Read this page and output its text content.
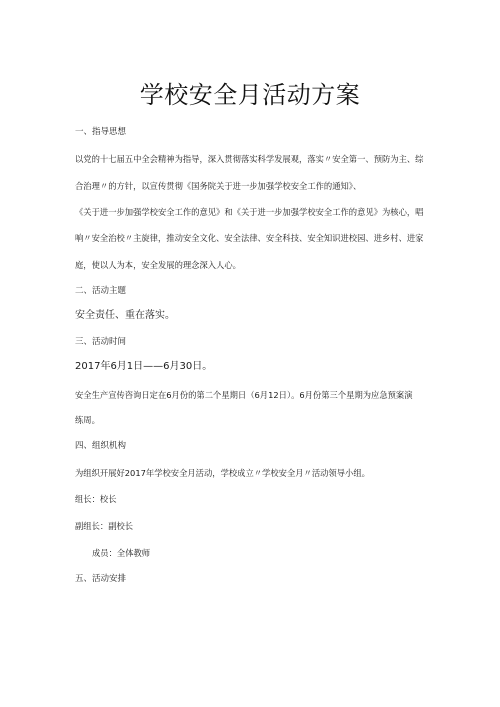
学校安全月活动方案
一、指导思想
以党的十七届五中全会精神为指导，深入贯彻落实科学发展观，落实〃安全第一、预防为主、综
合治理〃的方针，以宣传贯彻《国务院关于进一步加强学校安全工作的通知》、
《关于进一步加强学校安全工作的意见》和《关于进一步加强学校安全工作的意见》为核心，唱
响〃安全治校〃主旋律，推动安全文化、安全法律、安全科技、安全知识进校园、进乡村、进家
庭，使以人为本，安全发展的理念深入人心。
二、活动主题
安全责任、重在落实。
三、活动时间
2017年6月1日——6月30日。
安全生产宣传咨询日定在6月份的第二个星期日（6月12日）。6月份第三个星期为应急预案演
练周。
四、组织机构
为组织开展好2017年学校安全月活动，学校成立〃学校安全月〃活动领导小组。
组长：校长
副组长：副校长
成员：全体教师
五、活动安排
